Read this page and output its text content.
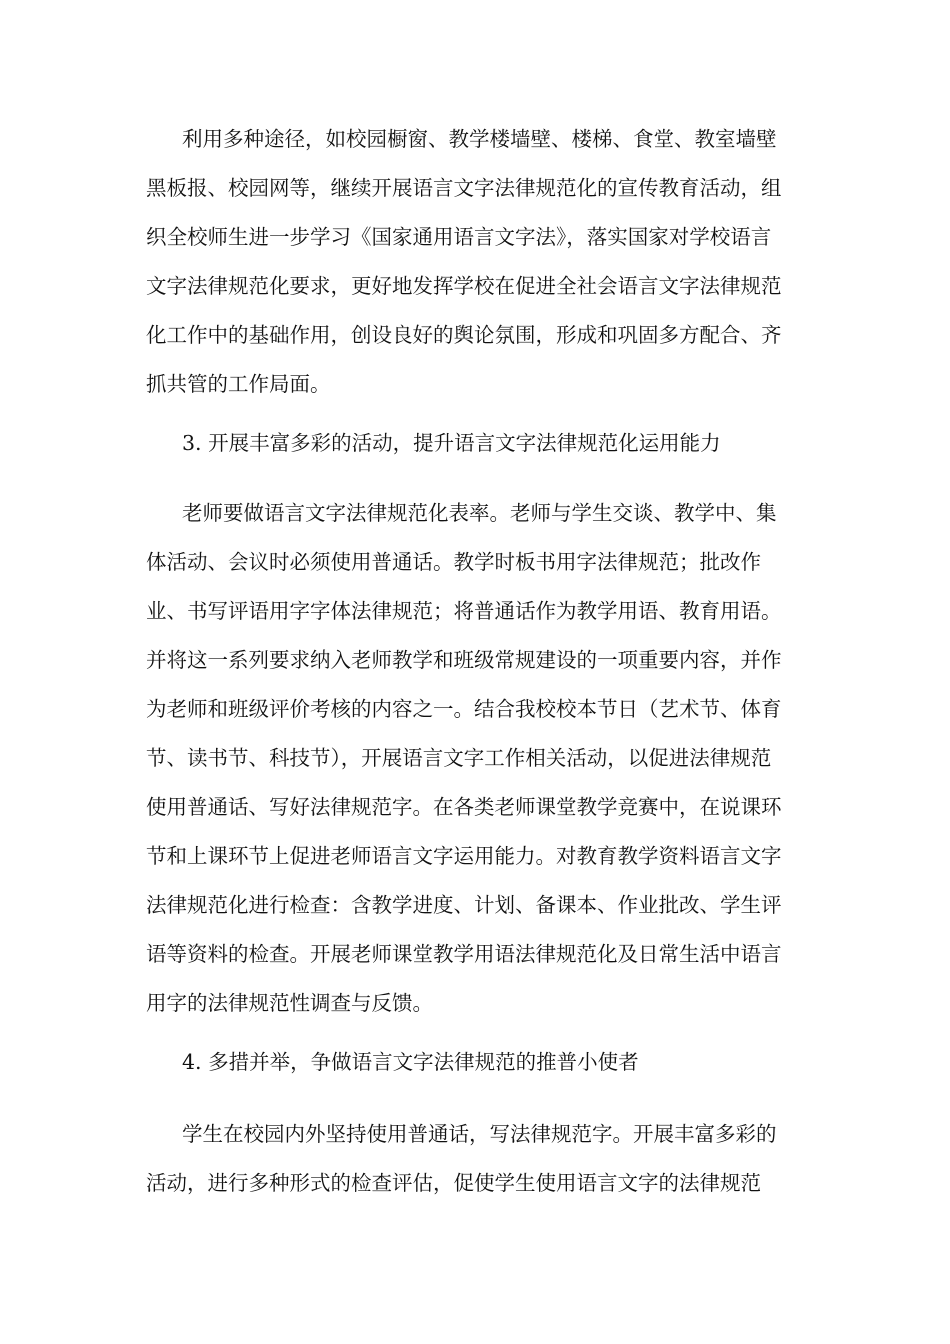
利用多种途径，如校园橱窗、教学楼墙壁、楼梯、食堂、教室墙壁
黑板报、校园网等，继续开展语言文字法律规范化的宣传教育活动，组
织全校师生进一步学习《国家通用语言文字法》，落实国家对学校语言
文字法律规范化要求，更好地发挥学校在促进全社会语言文字法律规范
化工作中的基础作用，创设良好的舆论氛围，形成和巩固多方配合、齐
抓共管的工作局面。
3. 开展丰富多彩的活动，提升语言文字法律规范化运用能力
老师要做语言文字法律规范化表率。老师与学生交谈、教学中、集
体活动、会议时必须使用普通话。教学时板书用字法律规范；批改作
业、书写评语用字字体法律规范；将普通话作为教学用语、教育用语。
并将这一系列要求纳入老师教学和班级常规建设的一项重要内容，并作
为老师和班级评价考核的内容之一。结合我校校本节日（艺术节、体育
节、读书节、科技节），开展语言文字工作相关活动，以促进法律规范
使用普通话、写好法律规范字。在各类老师课堂教学竞赛中，在说课环
节和上课环节上促进老师语言文字运用能力。对教育教学资料语言文字
法律规范化进行检查：含教学进度、计划、备课本、作业批改、学生评
语等资料的检查。开展老师课堂教学用语法律规范化及日常生活中语言
用字的法律规范性调查与反馈。
4. 多措并举，争做语言文字法律规范的推普小使者
学生在校园内外坚持使用普通话，写法律规范字。开展丰富多彩的
活动，进行多种形式的检查评估，促使学生使用语言文字的法律规范
